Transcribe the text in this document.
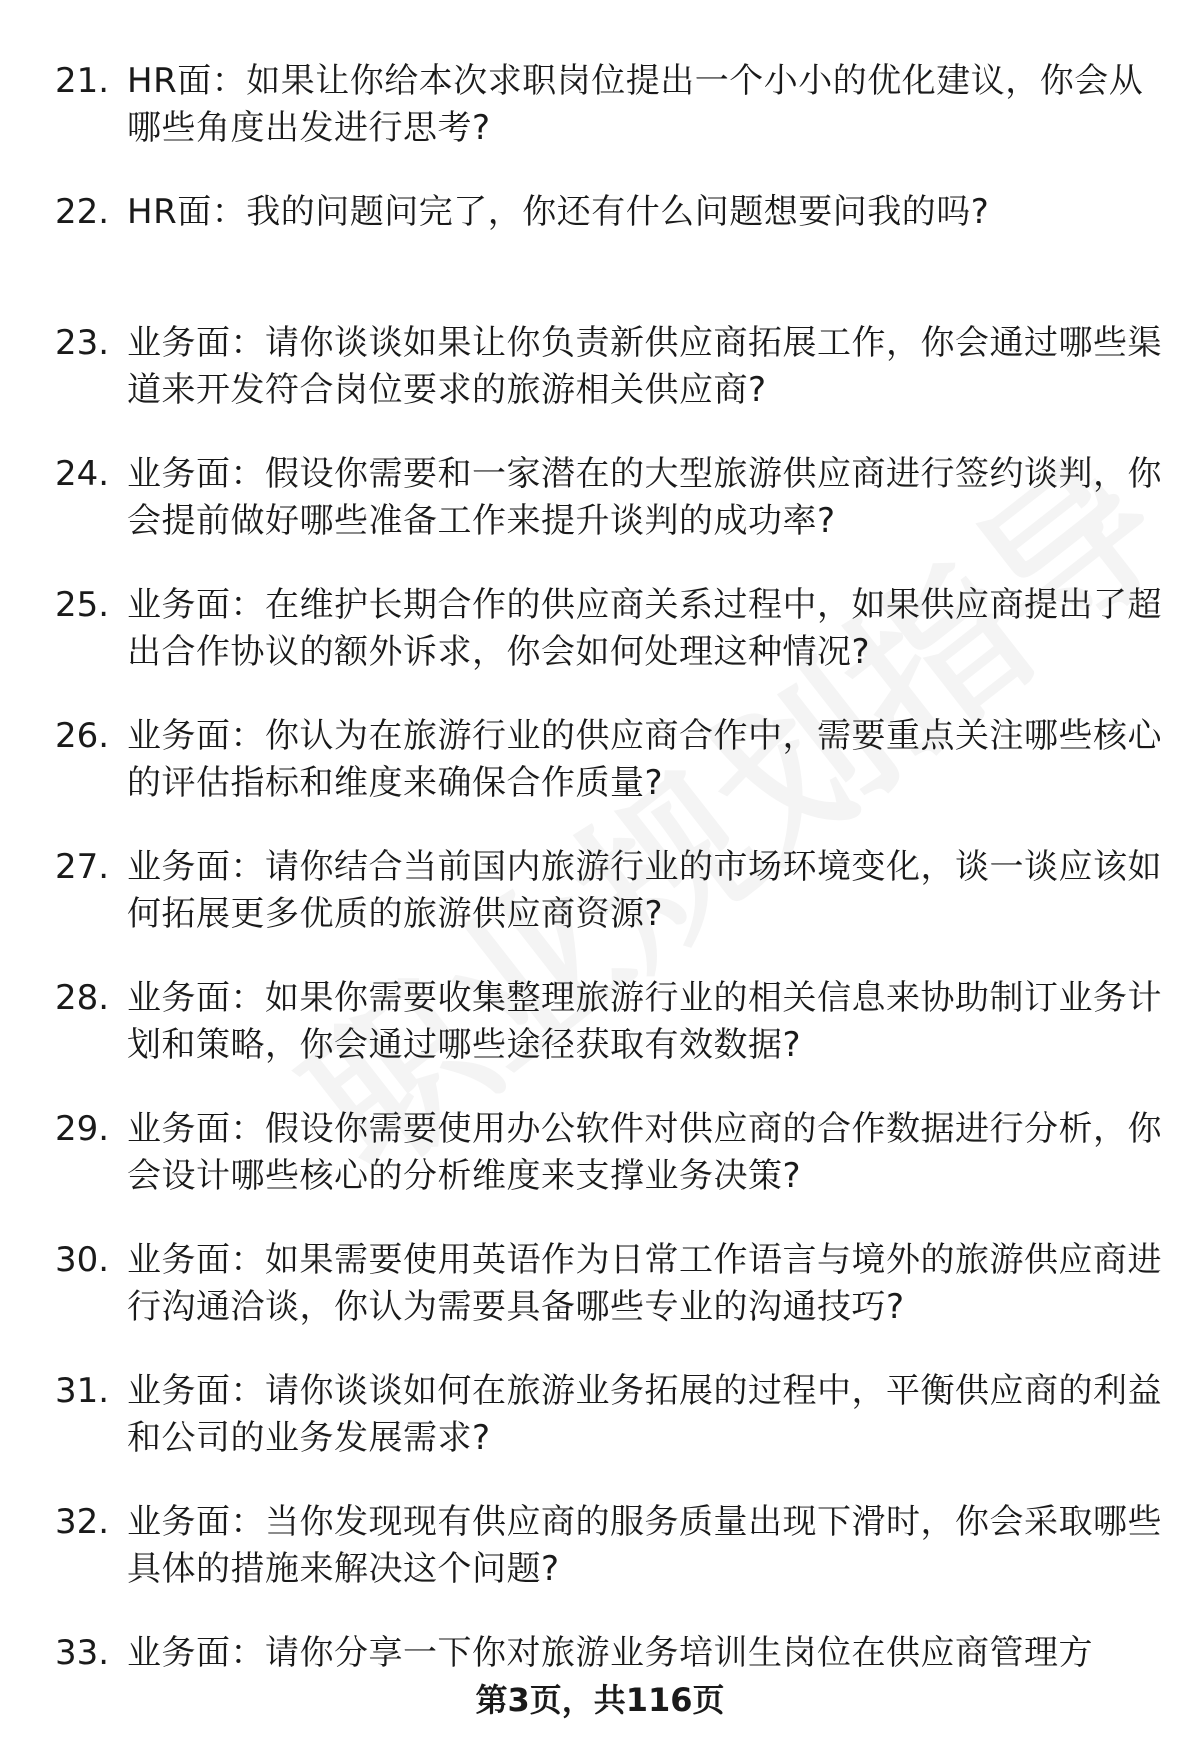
21. HR面：如果让你给本次求职岗位提出一个小小的优化建议，你会从哪些角度出发进行思考?
22. HR面：我的问题问完了，你还有什么问题想要问我的吗?
23. 业务面：请你谈谈如果让你负责新供应商拓展工作，你会通过哪些渠道来开发符合岗位要求的旅游相关供应商?
24. 业务面：假设你需要和一家潜在的大型旅游供应商进行签约谈判，你会提前做好哪些准备工作来提升谈判的成功率?
25. 业务面：在维护长期合作的供应商关系过程中，如果供应商提出了超出合作协议的额外诉求，你会如何处理这种情况?
26. 业务面：你认为在旅游行业的供应商合作中，需要重点关注哪些核心的评估指标和维度来确保合作质量?
27. 业务面：请你结合当前国内旅游行业的市场环境变化，谈一谈应该如何拓展更多优质的旅游供应商资源?
28. 业务面：如果你需要收集整理旅游行业的相关信息来协助制订业务计划和策略，你会通过哪些途径获取有效数据?
29. 业务面：假设你需要使用办公软件对供应商的合作数据进行分析，你会设计哪些核心的分析维度来支撑业务决策?
30. 业务面：如果需要使用英语作为日常工作语言与境外的旅游供应商进行沟通洽谈，你认为需要具备哪些专业的沟通技巧?
31. 业务面：请你谈谈如何在旅游业务拓展的过程中，平衡供应商的利益和公司的业务发展需求?
32. 业务面：当你发现现有供应商的服务质量出现下滑时，你会采取哪些具体的措施来解决这个问题?
33. 业务面：请你分享一下你对旅游业务培训生岗位在供应商管理方
第3页，共116页
